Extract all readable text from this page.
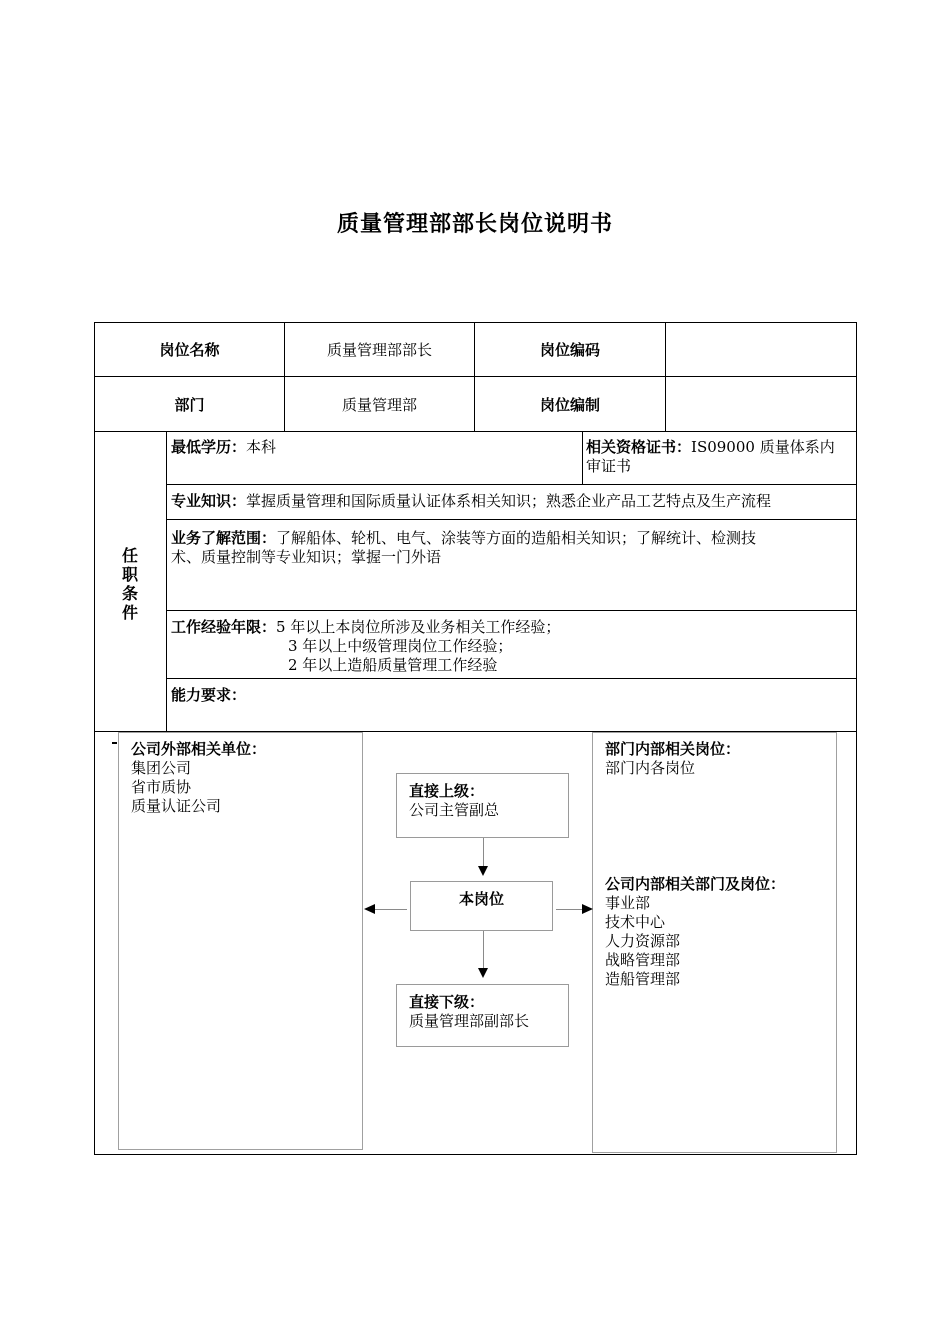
质量管理部部长岗位说明书
岗位名称	质量管理部部长	岗位编码
部门	质量管理部	岗位编制
任
职
条
件
最低学历：本科	相关资格证书：IS09000 质量体系内
审证书
专业知识：掌握质量管理和国际质量认证体系相关知识；熟悉企业产品工艺特点及生产流程
业务了解范围：了解船体、轮机、电气、涂装等方面的造船相关知识；了解统计、检测技
术、质量控制等专业知识；掌握一门外语
工作经验年限：5 年以上本岗位所涉及业务相关工作经验；
3 年以上中级管理岗位工作经验；
2 年以上造船质量管理工作经验
能力要求：
公司外部相关单位：
集团公司
省市质协
质量认证公司
直接上级：
公司主管副总
本岗位
直接下级：
质量管理部副部长
部门内部相关岗位：
部门内各岗位
公司内部相关部门及岗位：
事业部
技术中心
人力资源部
战略管理部
造船管理部
